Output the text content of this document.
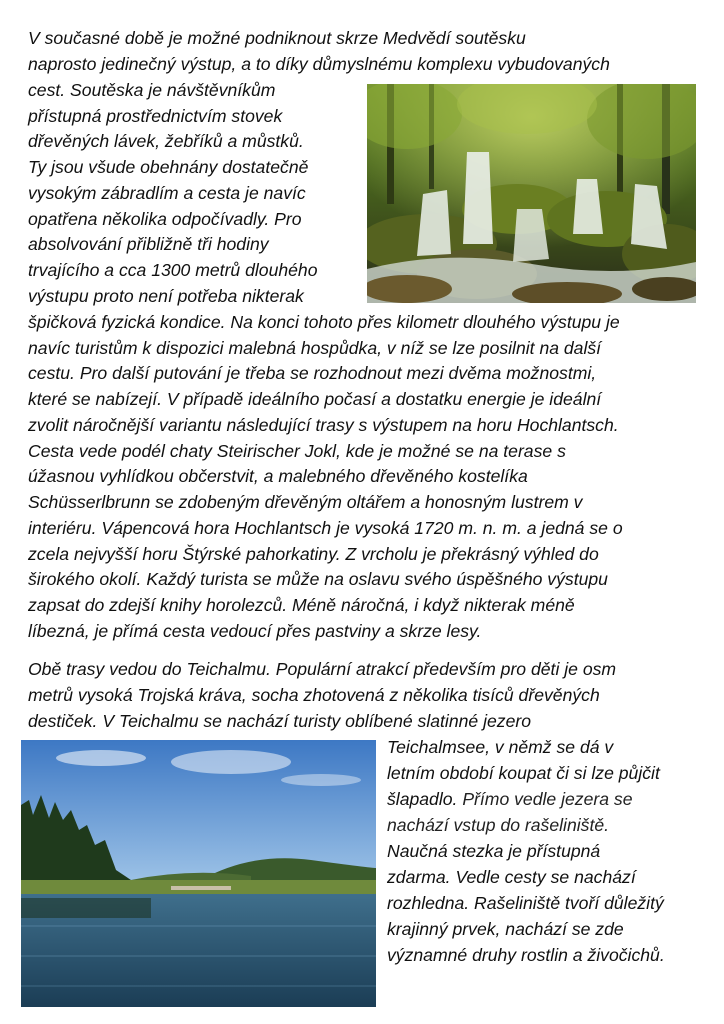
V současné době je možné podniknout skrze Medvědí soutěsku
naprosto jedinečný výstup, a to díky důmyslnému komplexu vybudovaných
cest. Soutěska je návštěvníkům
přístupná prostřednictvím stovek
dřevěných lávek, žebříků a můstků.
Ty jsou všude obehnány dostatečně
vysokým zábradlím a cesta je navíc
opatřena několika odpočívadly. Pro
absolvování přibližně tři hodiny
trvajícího a cca 1300 metrů dlouhého
výstupu proto není potřeba nikterak
špičková fyzická kondice. Na konci tohoto přes kilometr dlouhého výstupu je
navíc turistům k dispozici malebná hospůdka, v níž se lze posilnit na další
cestu. Pro další putování je třeba se rozhodnout mezi dvěma možnostmi,
které se nabízejí. V případě ideálního počasí a dostatku energie je ideální
zvolit náročnější variantu následující trasy s výstupem na horu Hochlantsch.
Cesta vede podél chaty Steirischer Jokl, kde je možné se na terase s
úžasnou vyhlídkou občerstvit, a malebného dřevěného kostelíka
Schüsserlbrunn se zdobeným dřevěným oltářem a honosným lustrem v
interiéru. Vápencová hora Hochlantsch je vysoká 1720 m. n. m. a jedná se o
zcela nejvyšší horu Štýrské pahorkatiny. Z vrcholu je překrásný výhled do
širokého okolí. Každý turista se může na oslavu svého úspěšného výstupu
zapsat do zdejší knihy horolezců. Méně náročná, i když nikterak méně
líbezná, je přímá cesta vedoucí přes pastviny a skrze lesy.
Obě trasy vedou do Teichalmu. Populární atrakcí především pro děti je osm
metrů vysoká Trojská kráva, socha zhotovená z několika tisíců dřevěných
destiček. V Teichalmu se nachází turisty oblíbené slatinné jezero
Teichalmsee, v němž se dá v
letním období koupat či si lze půjčit
šlapadlo. Přímo vedle jezera se
nachází vstup do rašeliniště.
Naučná stezka je přístupná
zdarma. Vedle cesty se nachází
rozhledna. Rašeliniště tvoří důležitý
krajinný prvek, nachází se zde
významné druhy rostlin a živočichů.
